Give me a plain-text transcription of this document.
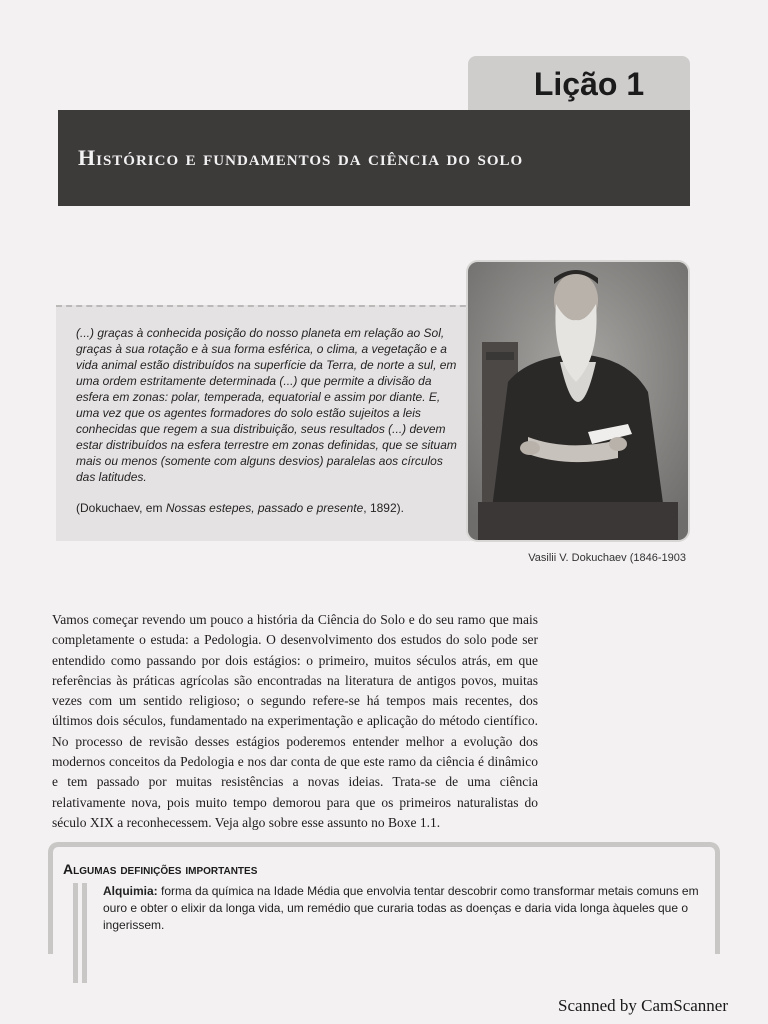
Lição 1
Histórico e fundamentos da ciência do solo

(...) graças à conhecida posição do nosso planeta em relação ao Sol, graças à sua rotação e à sua forma esférica, o clima, a vegetação e a vida animal estão distribuídos na superfície da Terra, de norte a sul, em uma ordem estritamente determinada (...) que permite a divisão da esfera em zonas: polar, temperada, equatorial e assim por diante. E, uma vez que os agentes formadores do solo estão sujeitos a leis conhecidas que regem a sua distribuição, seus resultados (...) devem estar distribuídos na esfera terrestre em zonas definidas, que se situam mais ou menos (somente com alguns desvios) paralelas aos círculos das latitudes.

(Dokuchaev, em Nossas estepes, passado e presente, 1892).

Vasilii V. Dokuchaev (1846-1903

Vamos começar revendo um pouco a história da Ciência do Solo e do seu ramo que mais completamente o estuda: a Pedologia. O desenvolvimento dos estudos do solo pode ser entendido como passando por dois estágios: o primeiro, muitos séculos atrás, em que referências às práticas agrícolas são encontradas na literatura de antigos povos, muitas vezes com um sentido religioso; o segundo refere-se há tempos mais recentes, dos últimos dois séculos, fundamentado na experimentação e aplicação do método científico. No processo de revisão desses estágios poderemos entender melhor a evolução dos modernos conceitos da Pedologia e nos dar conta de que este ramo da ciência é dinâmico e tem passado por muitas resistências a novas ideias. Trata-se de uma ciência relativamente nova, pois muito tempo demorou para que os primeiros naturalistas do século XIX a reconhecessem. Veja algo sobre esse assunto no Boxe 1.1.

Algumas definições importantes

Alquimia: forma da química na Idade Média que envolvia tentar descobrir como transformar metais comuns em ouro e obter o elixir da longa vida, um remédio que curaria todas as doenças e daria vida longa àqueles que o ingerissem.

Scanned by CamScanner
